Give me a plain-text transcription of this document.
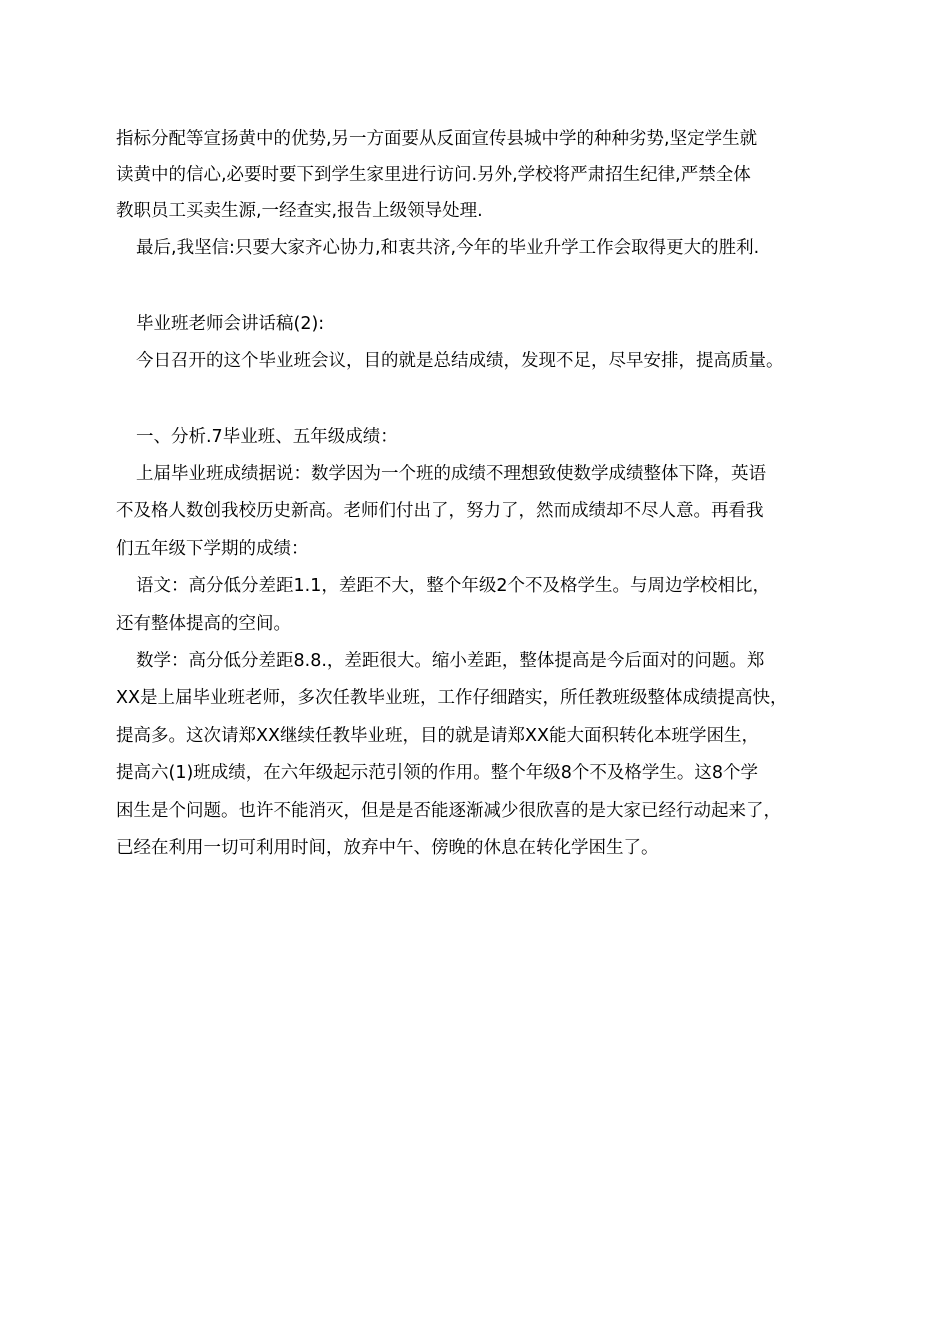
指标分配等宣扬黄中的优势,另一方面要从反面宣传县城中学的种种劣势,坚定学生就
读黄中的信心,必要时要下到学生家里进行访问.另外,学校将严肃招生纪律,严禁全体
教职员工买卖生源,一经查实,报告上级领导处理.
最后,我坚信:只要大家齐心协力,和衷共济,今年的毕业升学工作会取得更大的胜利.
毕业班老师会讲话稿(2):
今日召开的这个毕业班会议，目的就是总结成绩，发现不足，尽早安排，提高质量。
一、分析.7毕业班、五年级成绩：
上届毕业班成绩据说：数学因为一个班的成绩不理想致使数学成绩整体下降，英语
不及格人数创我校历史新高。老师们付出了，努力了，然而成绩却不尽人意。再看我
们五年级下学期的成绩：
语文：高分低分差距1.1，差距不大，整个年级2个不及格学生。与周边学校相比，
还有整体提高的空间。
数学：高分低分差距8.8.，差距很大。缩小差距，整体提高是今后面对的问题。郑
XX是上届毕业班老师，多次任教毕业班，工作仔细踏实，所任教班级整体成绩提高快，
提高多。这次请郑XX继续任教毕业班，目的就是请郑XX能大面积转化本班学困生，
提高六(1)班成绩，在六年级起示范引领的作用。整个年级8个不及格学生。这8个学
困生是个问题。也许不能消灭，但是是否能逐渐减少很欣喜的是大家已经行动起来了，
已经在利用一切可利用时间，放弃中午、傍晚的休息在转化学困生了。
